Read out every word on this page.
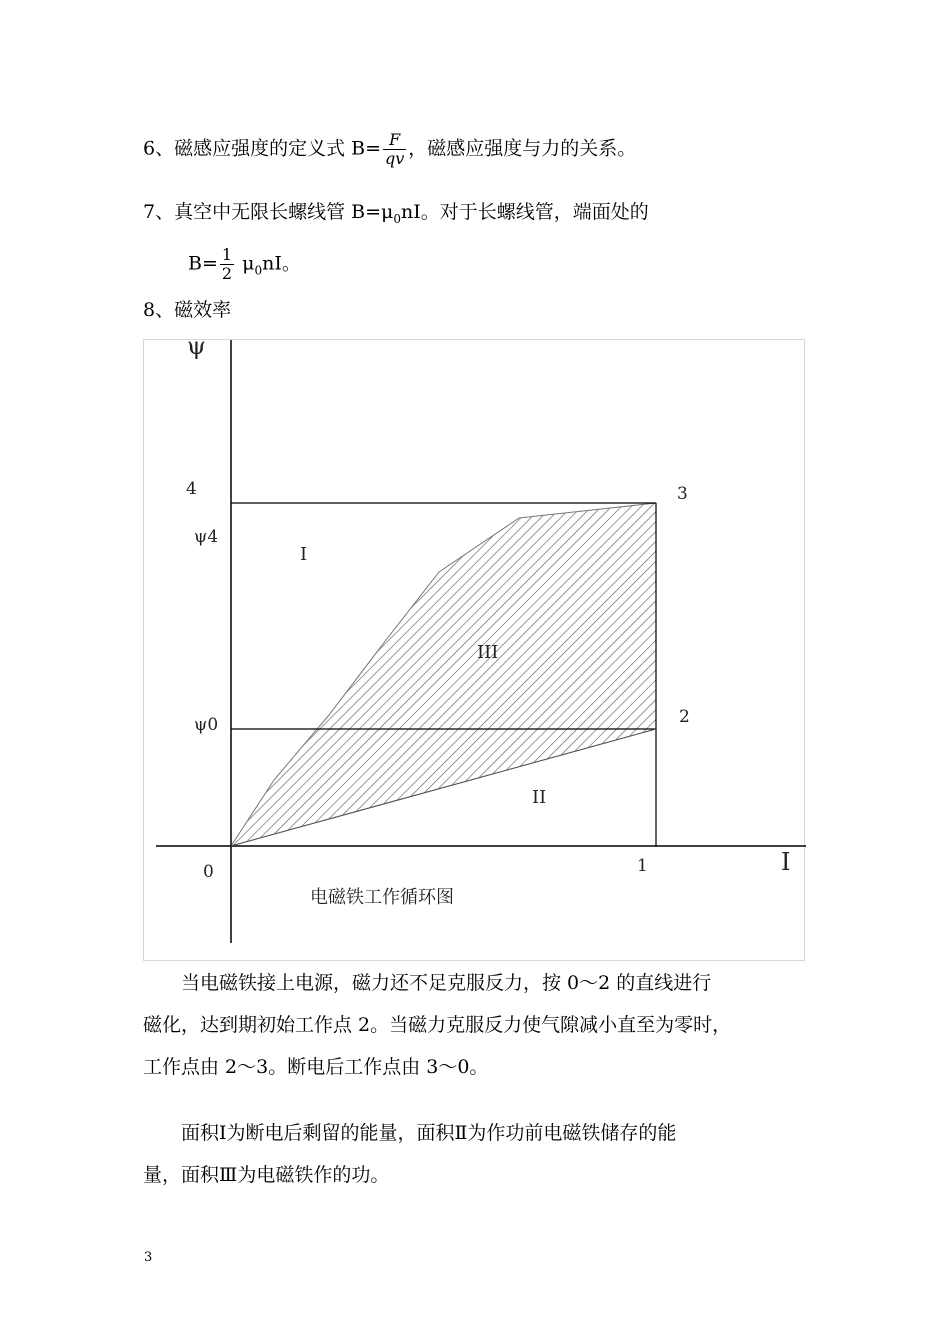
6、磁感应强度的定义式 $B= \frac{F}{qv}$ ，磁感应强度与力的关系。
7、真空中无限长螺线管 $B=\mu_0nI$。对于长螺线管，端面处的
$B= \frac{1}{2} \mu_0nI$。
8、磁效率
ψ
I
0
4
ψ4
ψ0
3
2
1
I
III
II
电磁铁工作循环图

　　当电磁铁接上电源，磁力还不足克服反力，按 0～2 的直线进行

磁化，达到期初始工作点 2。当磁力克服反力使气隙减小直至为零时，

工作点由 2～3。断电后工作点由 3～0。

　　面积Ⅰ为断电后剩留的能量，面积Ⅱ为作功前电磁铁储存的能

量，面积Ⅲ为电磁铁作的功。

3
